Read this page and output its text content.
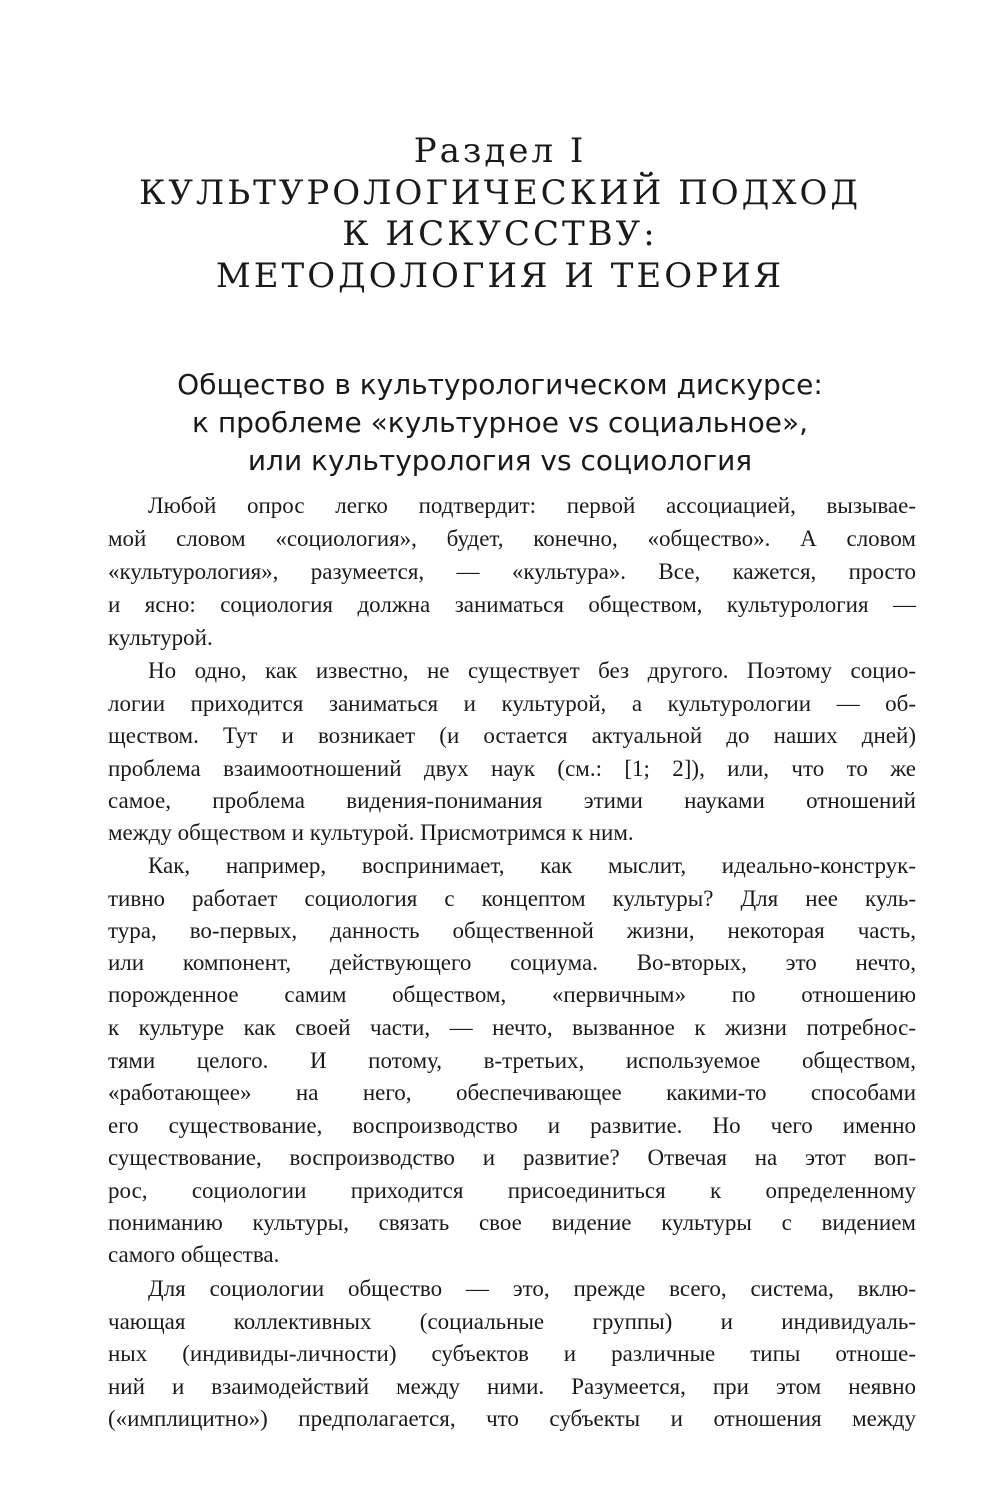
Раздел I
КУЛЬТУРОЛОГИЧЕСКИЙ ПОДХОД
К ИСКУССТВУ:
МЕТОДОЛОГИЯ И ТЕОРИЯ
Общество в культурологическом дискурсе:
к проблеме «культурное vs социальное»,
или культурология vs социология
Любой опрос легко подтвердит: первой ассоциацией, вызывае-
мой словом «социология», будет, конечно, «общество». А словом
«культурология», разумеется, — «культура». Все, кажется, просто
и ясно: социология должна заниматься обществом, культурология —
культурой.
Но одно, как известно, не существует без другого. Поэтому социо-
логии приходится заниматься и культурой, а культурологии — об-
ществом. Тут и возникает (и остается актуальной до наших дней)
проблема взаимоотношений двух наук (см.: [1; 2]), или, что то же
самое, проблема видения-понимания этими науками отношений
между обществом и культурой. Присмотримся к ним.
Как, например, воспринимает, как мыслит, идеально-конструк-
тивно работает социология с концептом культуры? Для нее куль-
тура, во-первых, данность общественной жизни, некоторая часть,
или компонент, действующего социума. Во-вторых, это нечто,
порожденное самим обществом, «первичным» по отношению
к культуре как своей части, — нечто, вызванное к жизни потребнос-
тями целого. И потому, в-третьих, используемое обществом,
«работающее» на него, обеспечивающее какими-то способами
его существование, воспроизводство и развитие. Но чего именно
существование, воспроизводство и развитие? Отвечая на этот воп-
рос, социологии приходится присоединиться к определенному
пониманию культуры, связать свое видение культуры с видением
самого общества.
Для социологии общество — это, прежде всего, система, вклю-
чающая коллективных (социальные группы) и индивидуаль-
ных (индивиды-личности) субъектов и различные типы отноше-
ний и взаимодействий между ними. Разумеется, при этом неявно
(«имплицитно») предполагается, что субъекты и отношения между
